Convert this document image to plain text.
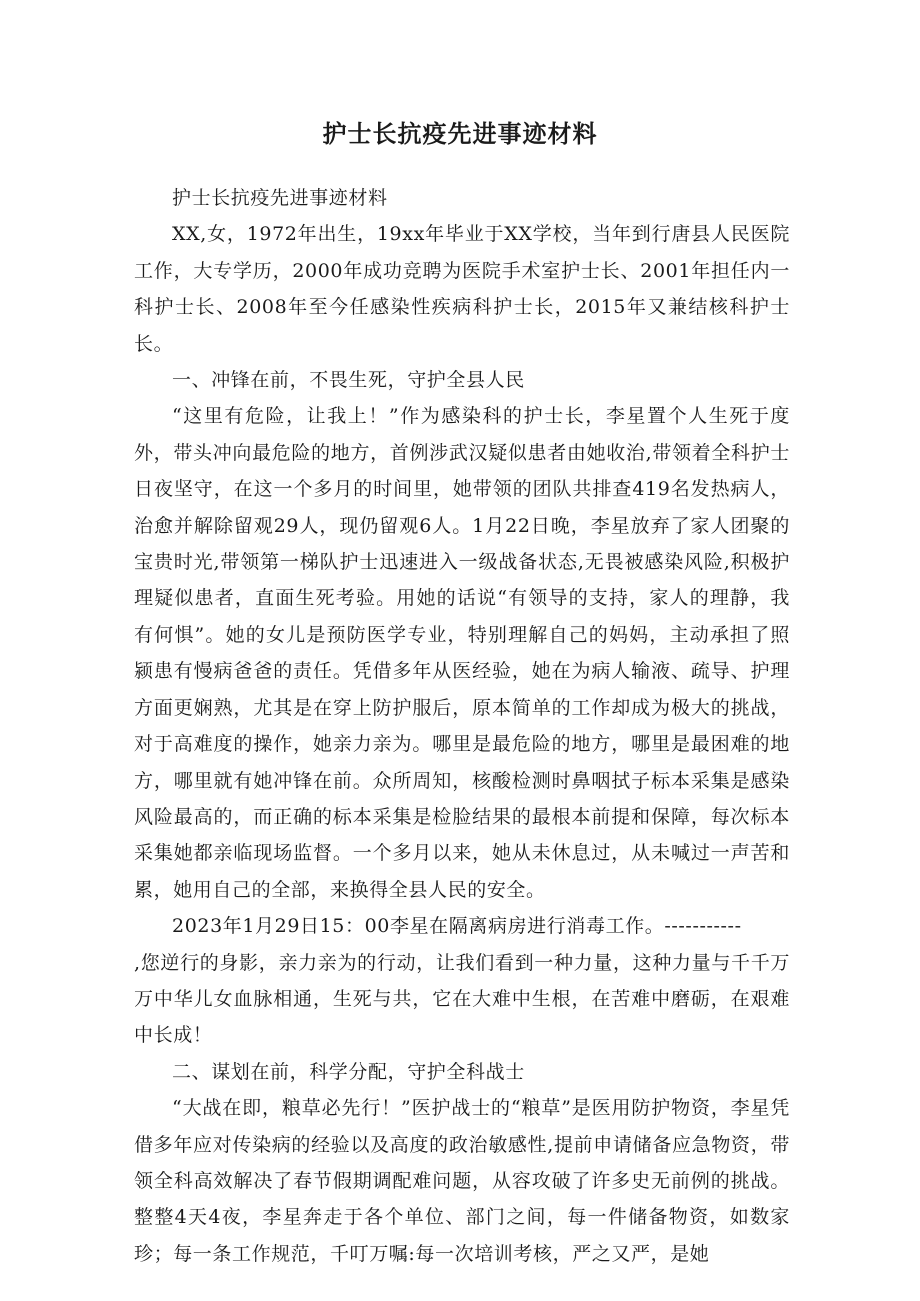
护士长抗疫先进事迹材料

护士长抗疫先进事迹材料

XX,女，1972年出生，19xx年毕业于XX学校，当年到行唐县人民医院工作，大专学历，2000年成功竞聘为医院手术室护士长、2001年担任内一科护士长、2008年至今任感染性疾病科护士长，2015年又兼结核科护士长。

一、冲锋在前，不畏生死，守护全县人民

“这里有危险，让我上！”作为感染科的护士长，李星置个人生死于度外，带头冲向最危险的地方，首例涉武汉疑似患者由她收治,带领着全科护士日夜坚守，在这一个多月的时间里，她带领的团队共排查419名发热病人，治愈并解除留观29人，现仍留观6人。1月22日晚，李星放弃了家人团聚的宝贵时光,带领第一梯队护士迅速进入一级战备状态,无畏被感染风险,积极护理疑似患者，直面生死考验。用她的话说“有领导的支持，家人的理静，我有何惧”。她的女儿是预防医学专业，特别理解自己的妈妈，主动承担了照颍患有慢病爸爸的责任。凭借多年从医经验，她在为病人输液、疏导、护理方面更娴熟，尤其是在穿上防护服后，原本简单的工作却成为极大的挑战，对于高难度的操作，她亲力亲为。哪里是最危险的地方，哪里是最困难的地方，哪里就有她冲锋在前。众所周知，核酸检测时鼻咽拭子标本采集是感染风险最高的，而正确的标本采集是检脸结果的最根本前提和保障，每次标本采集她都亲临现场监督。一个多月以来，她从未休息过，从未喊过一声苦和累，她用自己的全部，来换得全县人民的安全。

2023年1月29日15：00李星在隔离病房进行消毒工作。-----------

,您逆行的身影，亲力亲为的行动，让我们看到一种力量，这种力量与千千万万中华儿女血脉相通，生死与共，它在大难中生根，在苦难中磨砺，在艰难中长成！

二、谋划在前，科学分配，守护全科战士

“大战在即，粮草必先行！”医护战士的“粮草”是医用防护物资，李星凭借多年应对传染病的经验以及高度的政治敏感性,提前申请储备应急物资，带领全科高效解决了春节假期调配难问题，从容攻破了许多史无前例的挑战。整整4天4夜，李星奔走于各个单位、部门之间，每一件储备物资，如数家珍；每一条工作规范，千叮万嘱:每一次培训考核，严之又严，是她
